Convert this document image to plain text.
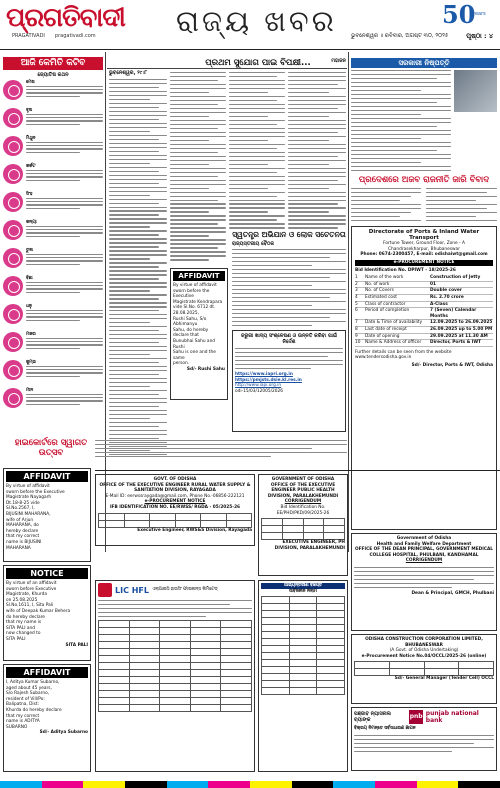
ପ୍ରଗତିବାଦୀ
PRAGATIVADI pragativadi.com	ରାଜ୍ୟ ଖବର	50
years
ଭୁବନେଶ୍ୱର ॥ ରବିବାର, ଅଗଷ୍ଟ ୩୦, ୨୦୨୫	ପୃଷ୍ଠା : ୪
ଆଜି କେମିତି କଟିବ
ଜ୍ୟୋତିଷ କଥନ
ମେଷ
ବୃଷ
ମିଥୁନ
କର୍କଟ
ସିଂହ
କନ୍ୟା
ତୁଳା
ବିଛା
ଧନୁ
ମକର
କୁମ୍ଭ
ମୀନ
ହାଇକୋର୍ଟରେ ସ୍ୱାଗତ ଉତ୍ସବ
AFFIDAVIT
By virtue of affidavit
sworn before the Executive
Magistrate Nayagarh
Dt.18-8-25 vide
Sl.No.2567, I,
BIJUSINI MAHARANA,
wife of Arjun
MAHARANA, do
hereby declare
that my correct
name is BIJUSINI
MAHARANA
NOTICE
By virtue of an affidavit
sworn before Executive
Magistrate, Khurda
on 25.08.2025
Sl.No.1611, I, Sita Pali
wife of Deepak Kumar Behera
do hereby declare
that my name is
SITA PALI and
now changed to
SITA PALI
SITA PALI
AFFIDAVIT
I, Aditya Kumar Subarno,
aged about 45 years,
S/o Rajesh Subarno,
resident of Vill/Po:
Balipatna, Dist:
Khurda do hereby declare
that my correct
name is ADITYA
SUBARNO
Sd/- Aditya Subarno
ଭୁବନେଶ୍ୱର, ୨୯।୮
ପ୍ରଥମ ସୁଯୋଗ ପାଇ ବିପକ୍ଷୀ...	ମହାଜନ
AFFIDAVIT
By virtue of affidavit
sworn before the Executive
Magistrate Kendrapara
vide Sl.No. 6712 dt. 28.08.2025,
Rushi Sahu, S/o Abhimanyu
Sahu, do hereby declare that
Bunubhai Sahu and Rushi
Sahu is one and the same
person.
Sd/- Rushi Sahu
ସ୍ୱତନ୍ତ୍ର ଅଭିଯାନ ଓ ଲୋକ ସଚେତନତା
ରାଜ୍ୟସ୍ତରୀୟ ବୈଠକ
ଜରୁରୀ ଖାଦ୍ୟ ସଂଶ୍ଳେଷଣ ଓ ଉନ୍ନତି କରିବା ପାଇଁ ନିର୍ଦ୍ଦେଶ
https://www.iapri.org.in
https://pmjsts.dsie.kl.res.in
http://www.iapi.org.in
odi-15/03/12005/2026
ସରକାରୀ ନିଷ୍ପତ୍ତି
ପ୍ରଦେଶରେ ଅଜବ ରାଜନୀତି ଜାରି ବିବାଦ
Directorate of Ports & Inland Water Transport
Fortune Tower, Ground Floor, Zone - A
Chandrasekharpur, Bhubaneswar
Phone: 0674-2300457, E-mail: odishaiwt@gmail.com
e-PROCUREMENT NOTICE
Bid Identification No. DPIWT - 18/2025-26
1	Name of the work	Construction of Jetty
2	No. of work	01
3	No. of Covers	Double cover
4	Estimated cost	Rs. 2.70 crore
5	Class of contractor	A-Class
6	Period of completion	7 (Seven) Calendar Months
7	Date & Time of availability	12.09.2025 to 26.09.2025
8	Last date of receipt	26.09.2025 up to 5.00 PM
9	Date of opening	29.09.2025 at 11.30 AM
10	Name & Address of officer	Director, Ports & IWT
Further details can be seen from the website www.tendersodisha.gov.in
Sd/- Director, Ports & IWT, Odisha
GOVT. OF ODISHA
OFFICE OF THE EXECUTIVE ENGINEER RURAL WATER SUPPLY & SANITATION DIVISION, RAYAGADA
E-Mail ID: eerwssraygada@gmail.com, Phone No.-06856-222121
e-PROCUREMENT NOTICE
IFB IDENTIFICATION NO. EE/RWSS/ RGDA - 05/2025-26

Executive Engineer, RWS&S Division, Rayagada
GOVERNMENT OF ODISHA
OFFICE OF THE EXECUTIVE ENGINEER PUBLIC HEALTH DIVISION, PARALAKHEMUNDI
CORRIGENDUM
Bid Identification No. EE/PHD/PKD/09/2025-26

EXECUTIVE ENGINEER, PH DIVISION, PARALAKHEMUNDI
Government of Odisha
Health and Family Welfare Department
OFFICE OF THE DEAN PRINCIPAL, GOVERNMENT MEDICAL COLLEGE HOSPITAL, PHULBANI, KANDHAMAL
CORRIGENDUM
Dean & Principal, GMCH, Phulbani
LIC HFL ଏଲ୍ଆଇସି ହାଉସିଂ ଫାଇନାନ୍ସ ଲିମିଟେଡ୍

ଆଭ୍ୟନ୍ତରୀଣ ବିଜ୍ଞପ୍ତି
ସାର୍ବଜନୀନ ନିଲାମ

ODISHA CONSTRUCTION CORPORATION LIMITED, BHUBANESWAR
(A Govt. of Odisha Undertaking)
e-Procurement Notice No.04/OCCL/2025-26 (online)

Sd/- General Manager (Tender Cell) OCCL
ପଞ୍ଜାବ ନ୍ୟାସନାଲ ବ୍ୟାଙ୍କ	pnb punjab national bank
ବିକ୍ରୟ ନିମନ୍ତେ ସର୍ବସାଧାରଣ ଜ୍ଞାପନ
